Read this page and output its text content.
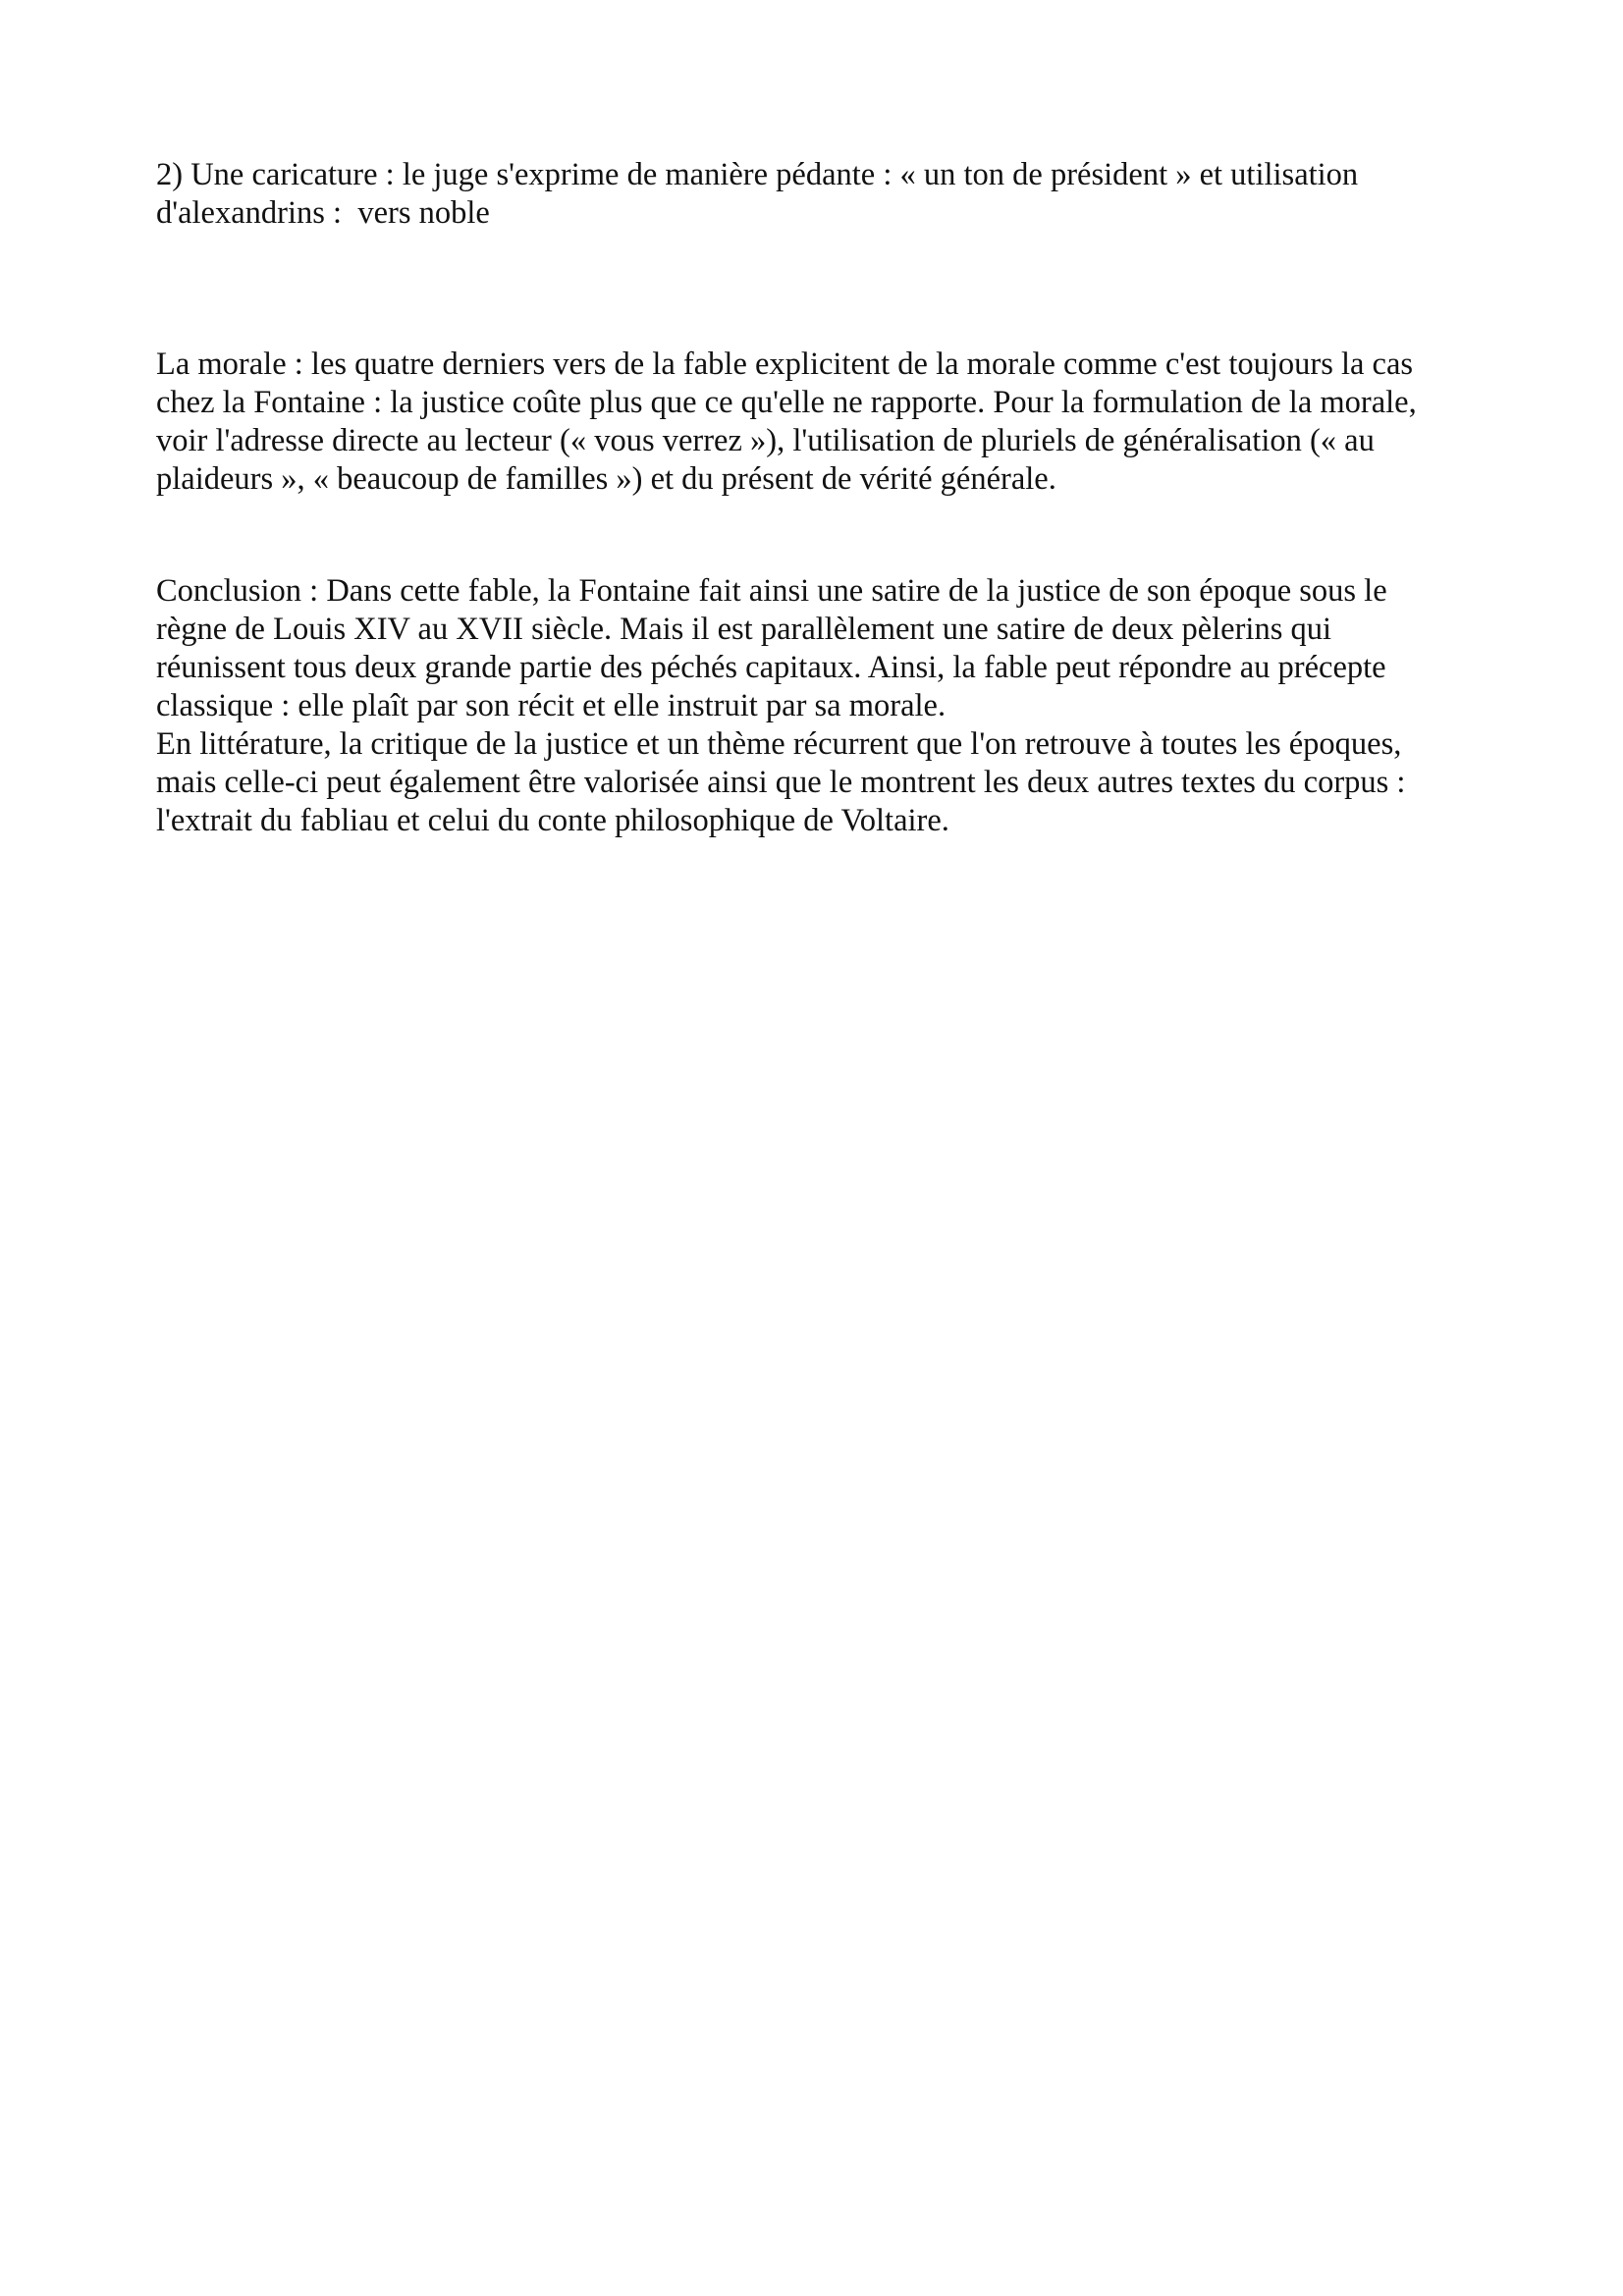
2) Une caricature : le juge s'exprime de manière pédante : « un ton de président » et utilisation
d'alexandrins :  vers noble

La morale : les quatre derniers vers de la fable explicitent de la morale comme c'est toujours la cas
chez la Fontaine : la justice coûte plus que ce qu'elle ne rapporte. Pour la formulation de la morale,
voir l'adresse directe au lecteur (« vous verrez »), l'utilisation de pluriels de généralisation (« au
plaideurs », « beaucoup de familles ») et du présent de vérité générale.

Conclusion : Dans cette fable, la Fontaine fait ainsi une satire de la justice de son époque sous le
règne de Louis XIV au XVII siècle. Mais il est parallèlement une satire de deux pèlerins qui
réunissent tous deux grande partie des péchés capitaux. Ainsi, la fable peut répondre au précepte
classique : elle plaît par son récit et elle instruit par sa morale.
En littérature, la critique de la justice et un thème récurrent que l'on retrouve à toutes les époques,
mais celle-ci peut également être valorisée ainsi que le montrent les deux autres textes du corpus :
l'extrait du fabliau et celui du conte philosophique de Voltaire.
